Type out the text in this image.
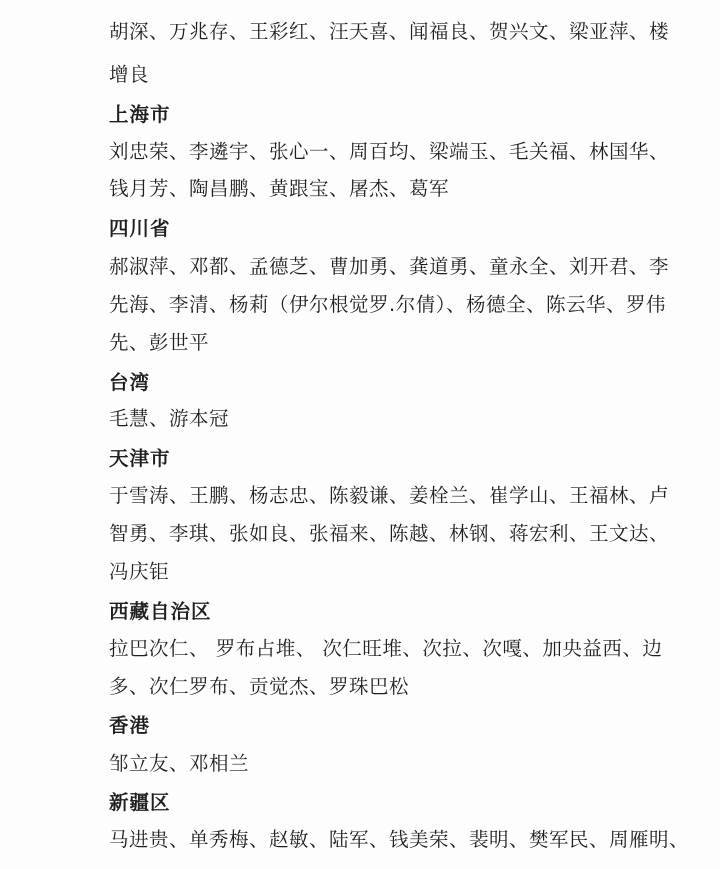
胡深、万兆存、王彩红、汪天喜、闻福良、贺兴文、梁亚萍、楼
增良
上海市
刘忠荣、李遴宇、张心一、周百均、梁端玉、毛关福、林国华、
钱月芳、陶昌鹏、黄跟宝、屠杰、葛军
四川省
郝淑萍、邓都、孟德芝、曹加勇、龚道勇、童永全、刘开君、李
先海、李清、杨莉（伊尔根觉罗.尔倩）、杨德全、陈云华、罗伟
先、彭世平
台湾
毛慧、游本冠
天津市
于雪涛、王鹏、杨志忠、陈毅谦、姜栓兰、崔学山、王福林、卢
智勇、李琪、张如良、张福来、陈越、林钢、蒋宏利、王文达、
冯庆钜
西藏自治区
拉巴次仁、 罗布占堆、 次仁旺堆、次拉、次嘎、加央益西、边
多、次仁罗布、贡觉杰、罗珠巴松
香港
邹立友、邓相兰
新疆区
马进贵、单秀梅、赵敏、陆军、钱美荣、裴明、樊军民、周雁明、
